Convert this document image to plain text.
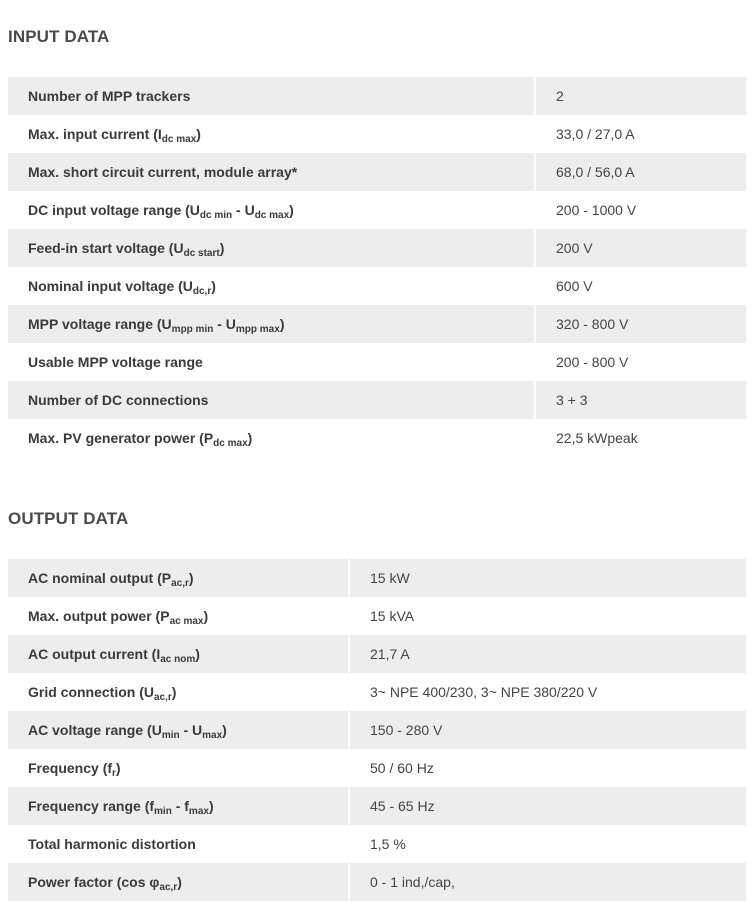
INPUT DATA
Number of MPP trackers	2
Max. input current $(I_{dc max})$	33,0 / 27,0 A
Max. short circuit current, module array*	68,0 / 56,0 A
DC input voltage range $(U_{dc min} - U_{dc max})$	200 - 1000 V
Feed-in start voltage $(U_{dc start})$	200 V
Nominal input voltage $(U_{dc,r})$	600 V
MPP voltage range $(U_{mpp min} - U_{mpp max})$	320 - 800 V
Usable MPP voltage range	200 - 800 V
Number of DC connections	3 + 3
Max. PV generator power $(P_{dc max})$	22,5 kWpeak
OUTPUT DATA
AC nominal output $(P_{ac,r})$	15 kW
Max. output power $(P_{ac max})$	15 kVA
AC output current $(I_{ac nom})$	21,7 A
Grid connection $(U_{ac,r})$	3~ NPE 400/230, 3~ NPE 380/220 V
AC voltage range $(U_{min} - U_{max})$	150 - 280 V
Frequency $(f_r)$	50 / 60 Hz
Frequency range $(f_{min} - f_{max})$	45 - 65 Hz
Total harmonic distortion	1,5 %
Power factor (cos $\varphi_{ac,r}$)	0 - 1 ind,/cap,
